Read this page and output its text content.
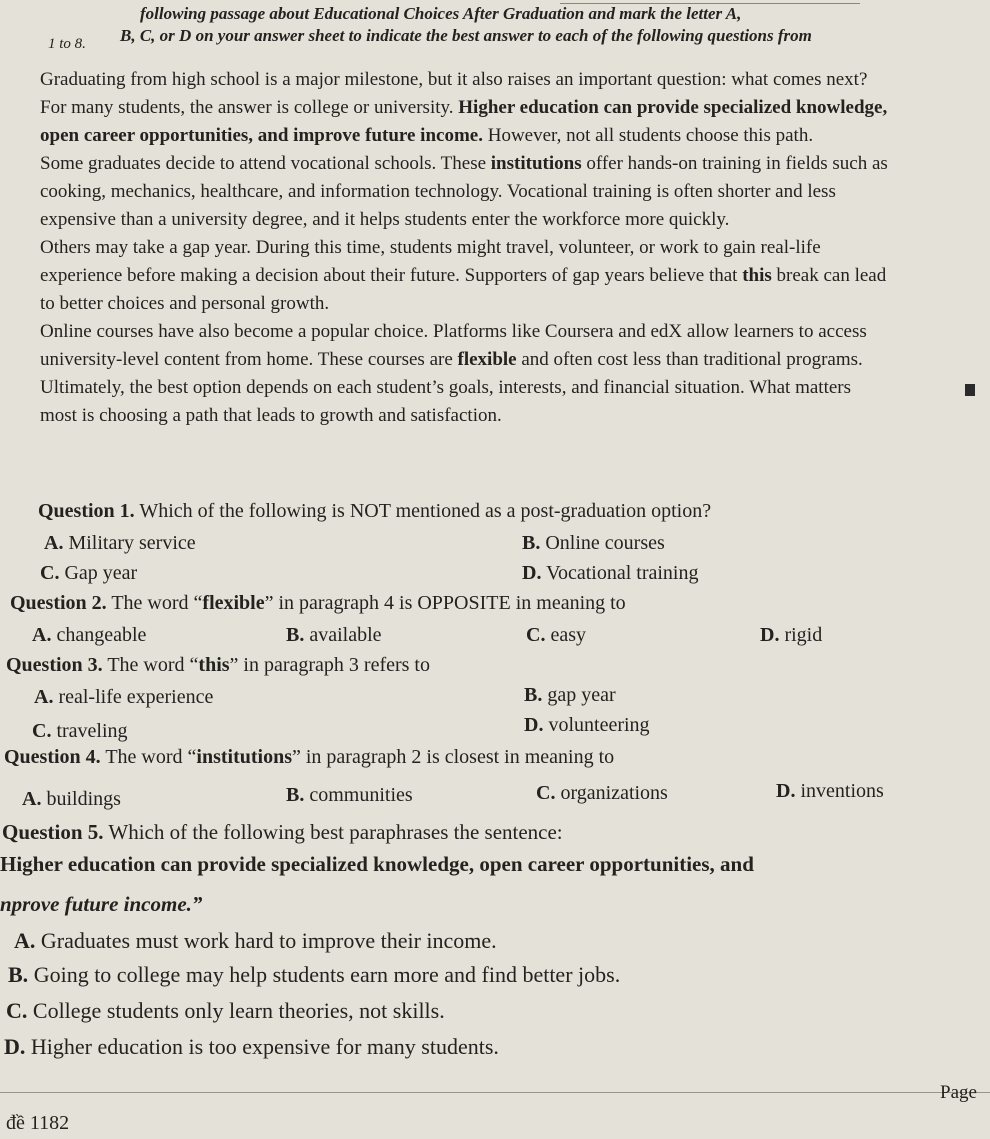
following passage about Educational Choices After Graduation and mark the letter A,
B, C, or D on your answer sheet to indicate the best answer to each of the following questions from
1 to 8.

Graduating from high school is a major milestone, but it also raises an important question: what comes next? For many students, the answer is college or university. Higher education can provide specialized knowledge, open career opportunities, and improve future income. However, not all students choose this path.

Some graduates decide to attend vocational schools. These institutions offer hands-on training in fields such as cooking, mechanics, healthcare, and information technology. Vocational training is often shorter and less expensive than a university degree, and it helps students enter the workforce more quickly.

Others may take a gap year. During this time, students might travel, volunteer, or work to gain real-life experience before making a decision about their future. Supporters of gap years believe that this break can lead to better choices and personal growth.

Online courses have also become a popular choice. Platforms like Coursera and edX allow learners to access university-level content from home. These courses are flexible and often cost less than traditional programs.

Ultimately, the best option depends on each student’s goals, interests, and financial situation. What matters most is choosing a path that leads to growth and satisfaction.

Question 1. Which of the following is NOT mentioned as a post-graduation option?
A. Military service	B. Online courses
C. Gap year	D. Vocational training
Question 2. The word “flexible” in paragraph 4 is OPPOSITE in meaning to
A. changeable	B. available	C. easy	D. rigid
Question 3. The word “this” in paragraph 3 refers to
A. real-life experience	B. gap year
C. traveling	D. volunteering
Question 4. The word “institutions” in paragraph 2 is closest in meaning to
A. buildings	B. communities	C. organizations	D. inventions
Question 5. Which of the following best paraphrases the sentence:
Higher education can provide specialized knowledge, open career opportunities, and
nprove future income.”
A. Graduates must work hard to improve their income.
B. Going to college may help students earn more and find better jobs.
C. College students only learn theories, not skills.
D. Higher education is too expensive for many students.
Page
đề 1182
